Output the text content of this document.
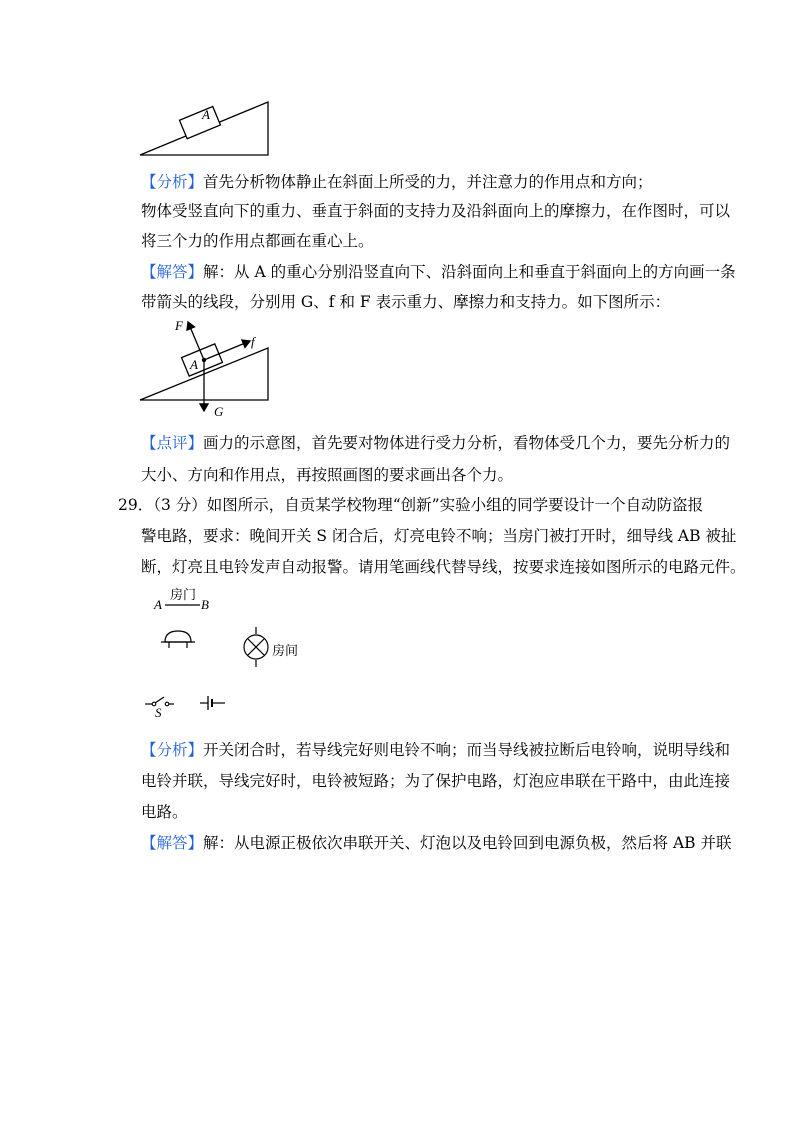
A
【分析】首先分析物体静止在斜面上所受的力，并注意力的作用点和方向；
物体受竖直向下的重力、垂直于斜面的支持力及沿斜面向上的摩擦力，在作图时，可以
将三个力的作用点都画在重心上。
【解答】解：从 A 的重心分别沿竖直向下、沿斜面向上和垂直于斜面向上的方向画一条
带箭头的线段，分别用 G、f 和 F 表示重力、摩擦力和支持力。如下图所示：
F
f
G
A
【点评】画力的示意图，首先要对物体进行受力分析，看物体受几个力，要先分析力的
大小、方向和作用点，再按照画图的要求画出各个力。
29．（3 分）如图所示，自贡某学校物理“创新”实验小组的同学要设计一个自动防盗报
警电路，要求：晚间开关 S 闭合后，灯亮电铃不响；当房门被打开时，细导线 AB 被扯
断，灯亮且电铃发声自动报警。请用笔画线代替导线，按要求连接如图所示的电路元件。
A	B
房门
房间
S
【分析】开关闭合时，若导线完好则电铃不响；而当导线被拉断后电铃响，说明导线和
电铃并联，导线完好时，电铃被短路；为了保护电路，灯泡应串联在干路中，由此连接
电路。
【解答】解：从电源正极依次串联开关、灯泡以及电铃回到电源负极，然后将 AB 并联
